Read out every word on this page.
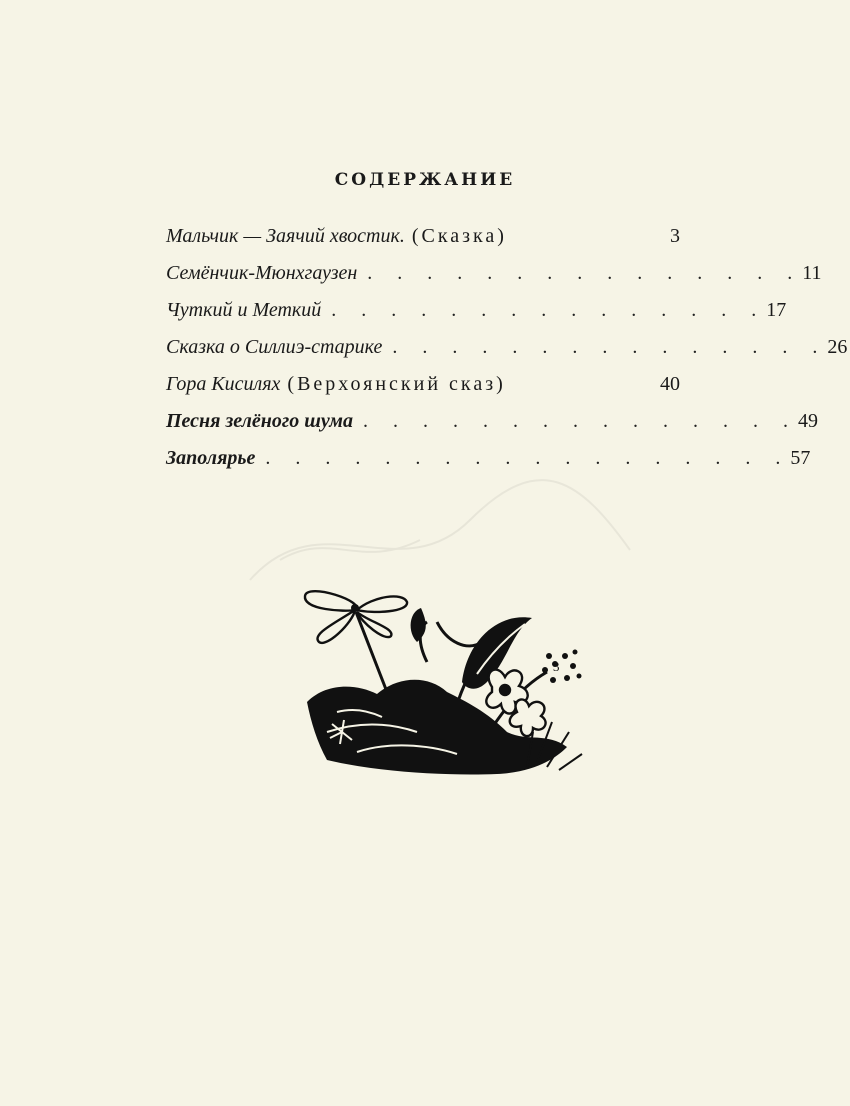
СОДЕРЖАНИЕ
Мальчик — Заячий хвостик. (Сказка)	3
Семёнчик-Мюнхгаузен . . . . . . . . . . . . . . . 11
Чуткий и Меткий . . . . . . . . . . . . . . . 17
Сказка о Силлиэ-старике . . . . . . . . . . . . . . . 26
Гора Кисилях (Верхоянский сказ)	40
Песня зелёного шума . . . . . . . . . . . . . . . 49
Заполярье . . . . . . . . . . . . . . . . . . 57
3
